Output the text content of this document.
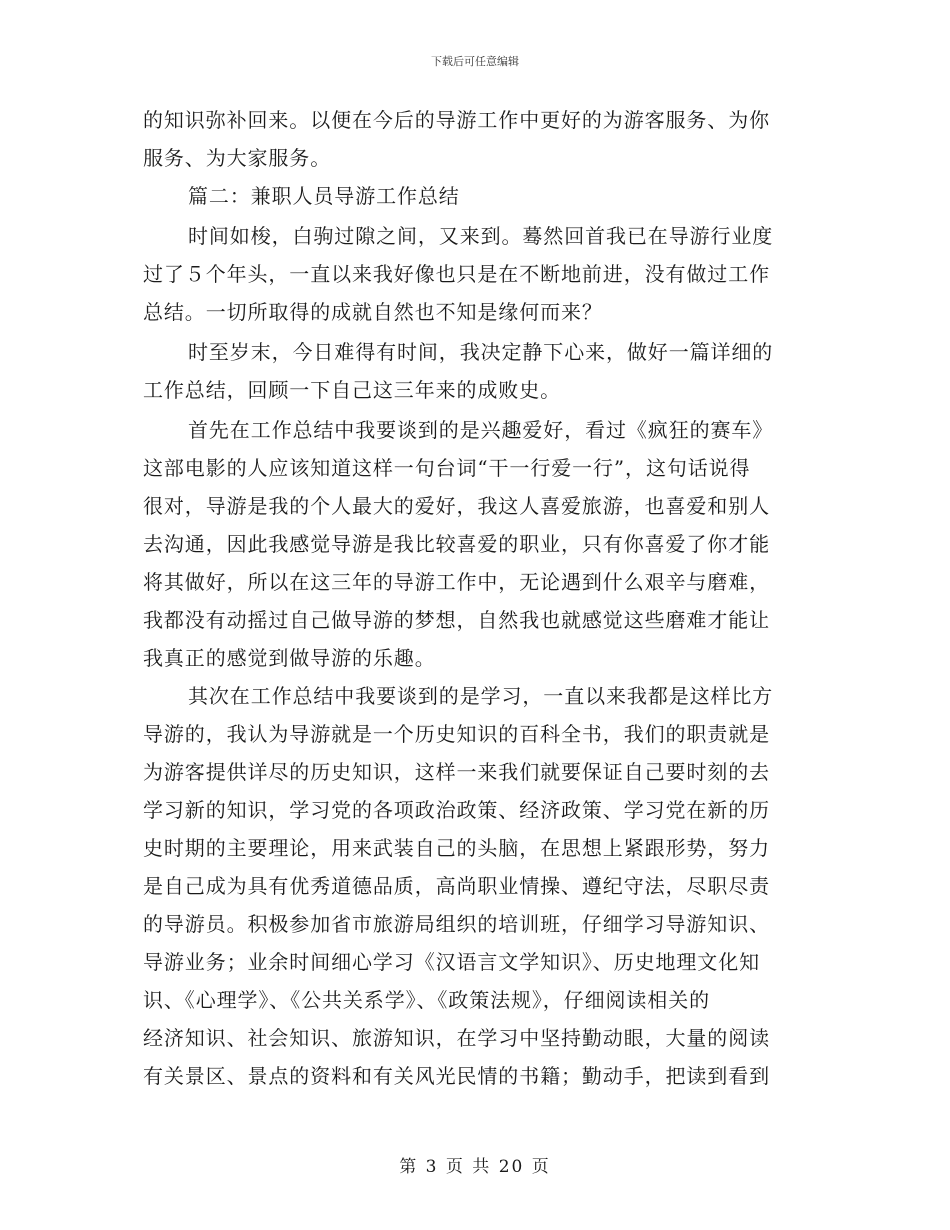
下载后可任意编辑
的知识弥补回来。以便在今后的导游工作中更好的为游客服务、为你
服务、为大家服务。
篇二：兼职人员导游工作总结
时间如梭，白驹过隙之间，又来到。蓦然回首我已在导游行业度
过了５个年头，一直以来我好像也只是在不断地前进，没有做过工作
总结。一切所取得的成就自然也不知是缘何而来？
时至岁末，今日难得有时间，我决定静下心来，做好一篇详细的
工作总结，回顾一下自己这三年来的成败史。
首先在工作总结中我要谈到的是兴趣爱好，看过《疯狂的赛车》
这部电影的人应该知道这样一句台词“干一行爱一行”，这句话说得
很对，导游是我的个人最大的爱好，我这人喜爱旅游，也喜爱和别人
去沟通，因此我感觉导游是我比较喜爱的职业，只有你喜爱了你才能
将其做好，所以在这三年的导游工作中，无论遇到什么艰辛与磨难，
我都没有动摇过自己做导游的梦想，自然我也就感觉这些磨难才能让
我真正的感觉到做导游的乐趣。
其次在工作总结中我要谈到的是学习，一直以来我都是这样比方
导游的，我认为导游就是一个历史知识的百科全书，我们的职责就是
为游客提供详尽的历史知识，这样一来我们就要保证自己要时刻的去
学习新的知识，学习党的各项政治政策、经济政策、学习党在新的历
史时期的主要理论，用来武装自己的头脑，在思想上紧跟形势，努力
是自己成为具有优秀道德品质，高尚职业情操、遵纪守法，尽职尽责
的导游员。积极参加省市旅游局组织的培训班，仔细学习导游知识、
导游业务；业余时间细心学习《汉语言文学知识》、历史地理文化知
识、《心理学》、《公共关系学》、《政策法规》，仔细阅读相关的
经济知识、社会知识、旅游知识，在学习中坚持勤动眼，大量的阅读
有关景区、景点的资料和有关风光民情的书籍；勤动手，把读到看到
第 3 页 共 20 页
